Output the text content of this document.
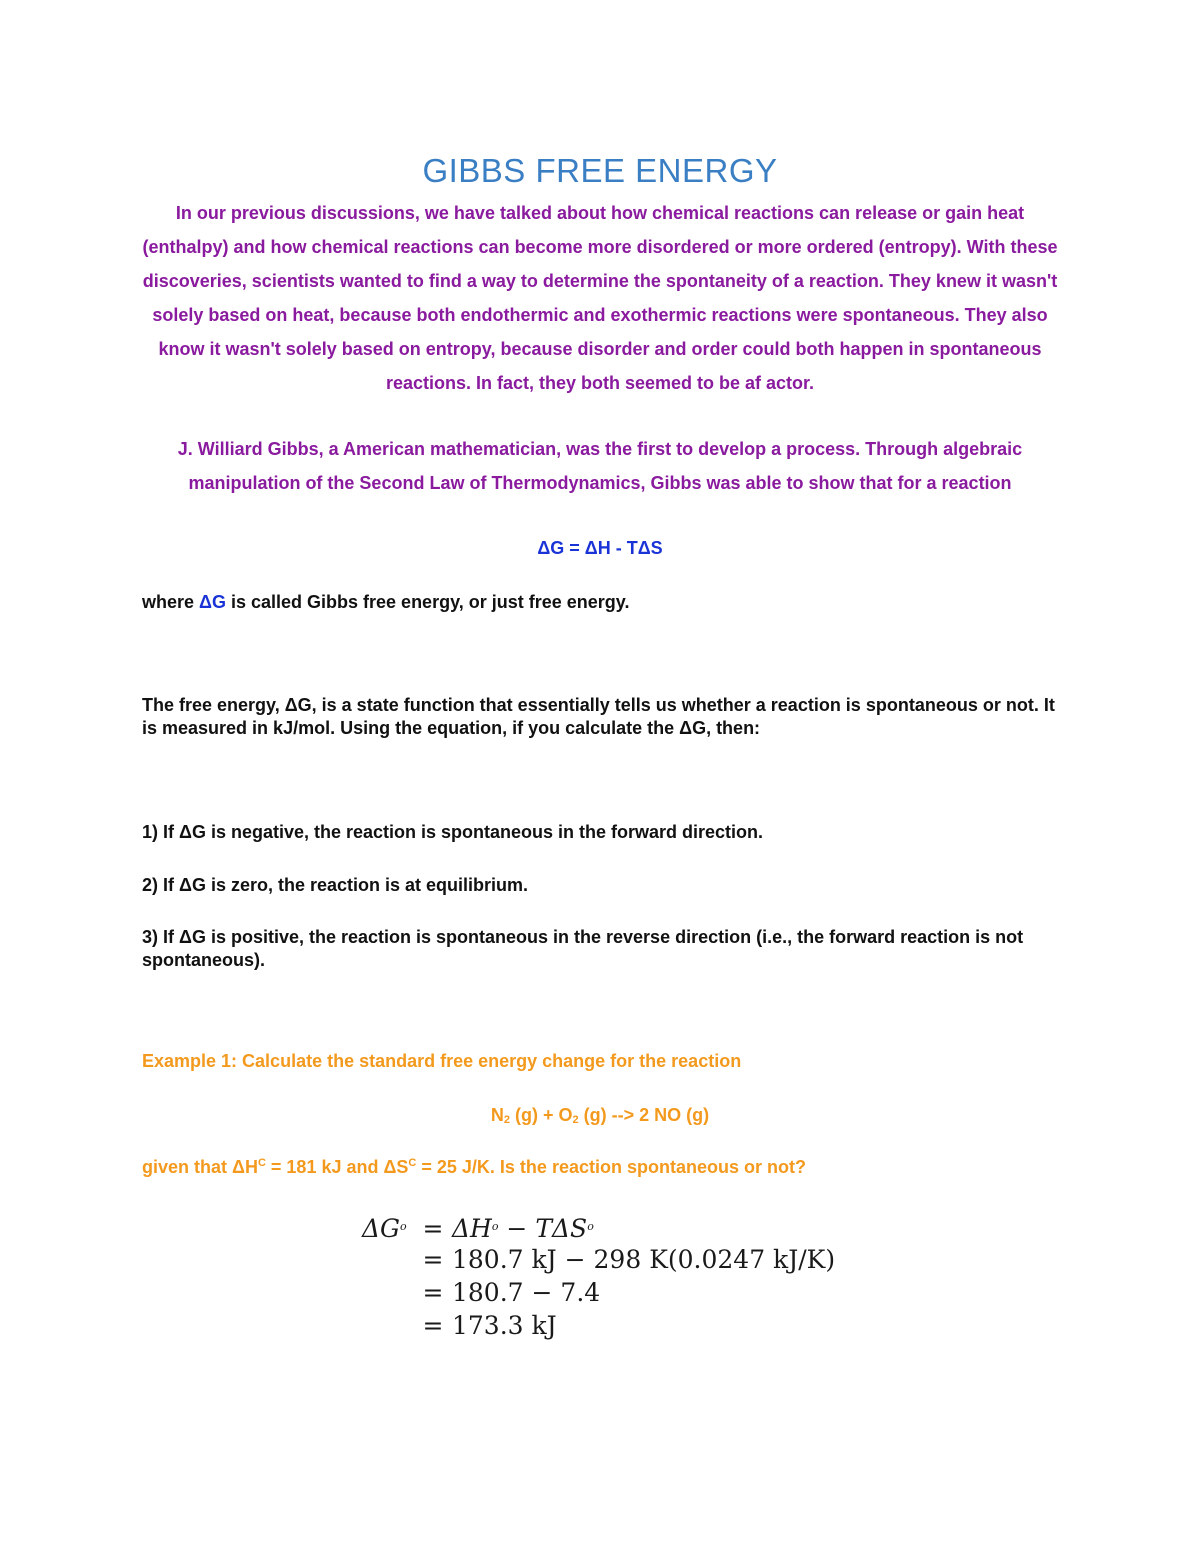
GIBBS FREE ENERGY

In our previous discussions, we have talked about how chemical reactions can release or gain heat (enthalpy) and how chemical reactions can become more disordered or more ordered (entropy). With these discoveries, scientists wanted to find a way to determine the spontaneity of a reaction. They knew it wasn't solely based on heat, because both endothermic and exothermic reactions were spontaneous. They also know it wasn't solely based on entropy, because disorder and order could both happen in spontaneous reactions. In fact, they both seemed to be af actor.

J. Williard Gibbs, a American mathematician, was the first to develop a process. Through algebraic manipulation of the Second Law of Thermodynamics, Gibbs was able to show that for a reaction

ΔG = ΔH - TΔS

where ΔG is called Gibbs free energy, or just free energy.

The free energy, ΔG, is a state function that essentially tells us whether a reaction is spontaneous or not. It is measured in kJ/mol. Using the equation, if you calculate the ΔG, then:

1) If ΔG is negative, the reaction is spontaneous in the forward direction.

2) If ΔG is zero, the reaction is at equilibrium.

3) If ΔG is positive, the reaction is spontaneous in the reverse direction (i.e., the forward reaction is not spontaneous).

Example 1: Calculate the standard free energy change for the reaction

$N_2$ $(g) + O_2$ (g) --> 2 NO (g)

given that $\Delta H^C = 181$ kJ and $\Delta S^C = 25$ J/K. Is the reaction spontaneous or not?

$\Delta G^o = \Delta H^o - T\Delta S^o$
= 180.7 kJ − 298 K(0.0247 kJ/K)
= 180.7 − 7.4
= 173.3 kJ
